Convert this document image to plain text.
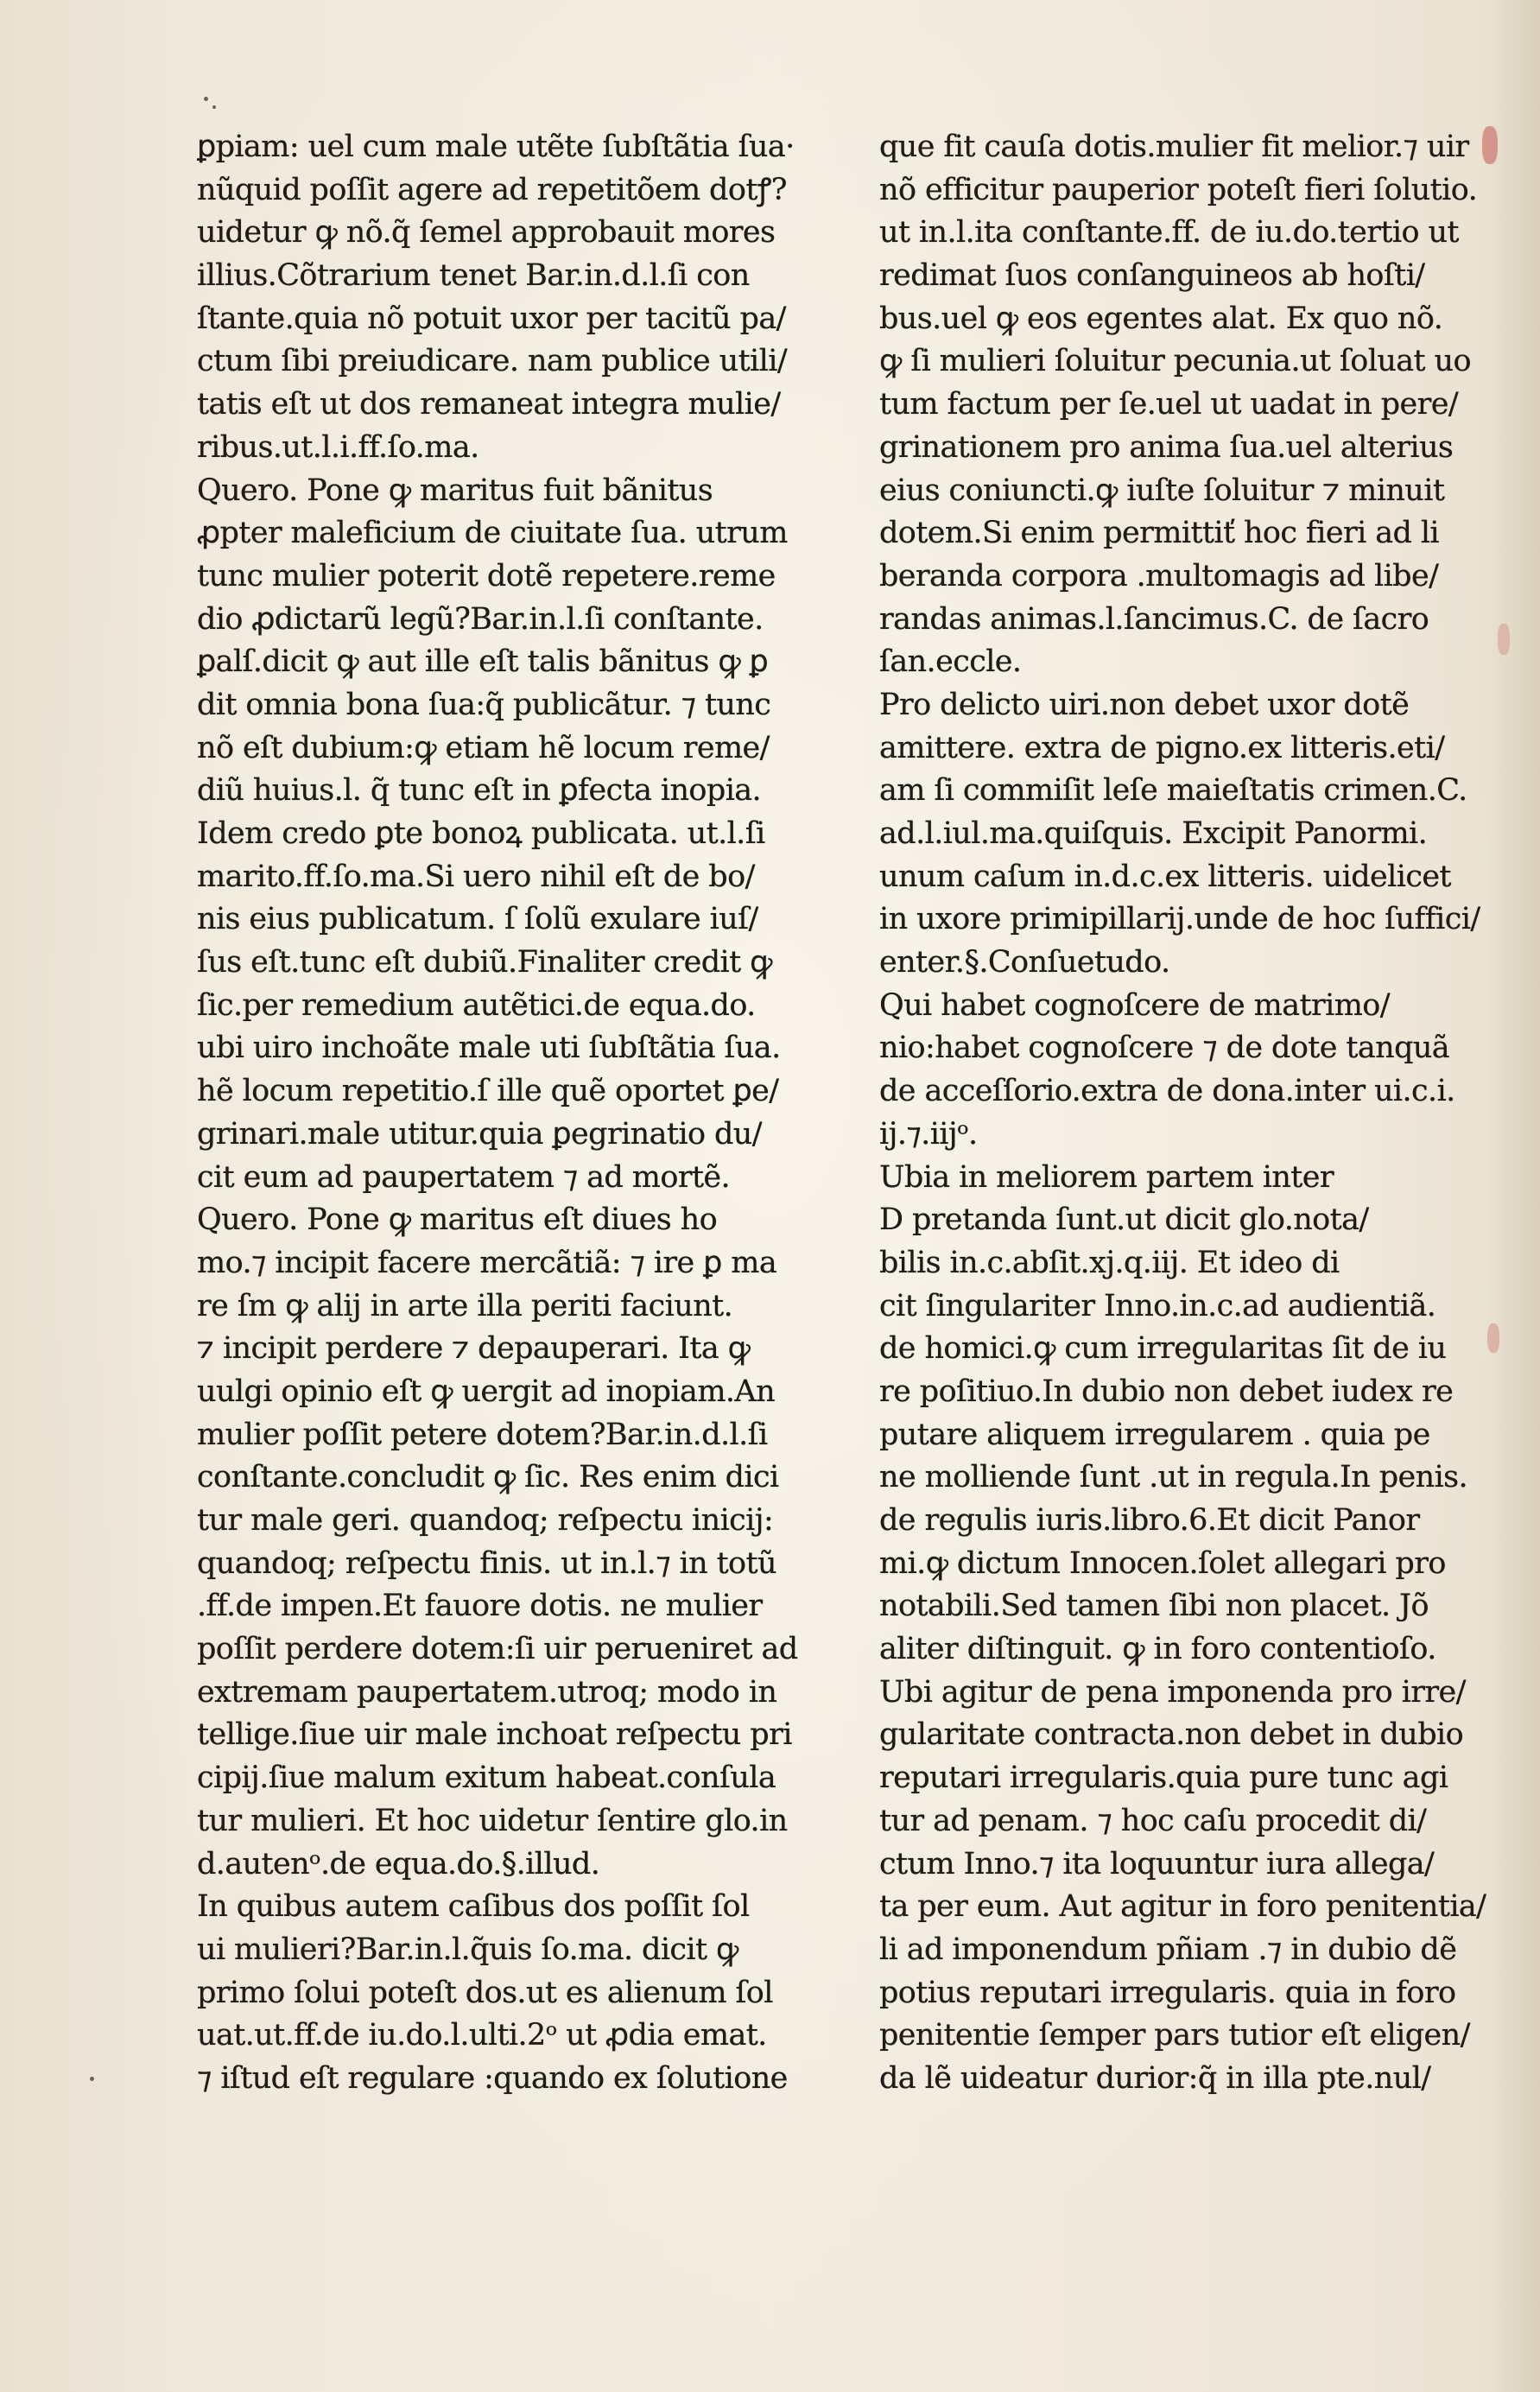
ꝑpiam: uel cum male utẽte ſubſtãtia ſua·
nũquid poſſit agere ad repetitõem dotꝭ?
uidetur ꝙ nõ.q̃ ſemel approbauit mores
illius.Cõtrarium tenet Bar.in.d.l.ſi con
ſtante.quia nõ potuit uxor per tacitũ pa/
ctum ſibi preiudicare. nam publice utili/
tatis eſt ut dos remaneat integra mulie/
ribus.ut.l.i.ff.ſo.ma.
Quero. Pone ꝙ maritus fuit bãnitus
ꝓpter maleficium de ciuitate ſua. utrum
tunc mulier poterit dotẽ repetere.reme
dio ꝓdictarũ legũ?Bar.in.l.ſi conſtante.
ꝑalſ.dicit ꝙ aut ille eſt talis bãnitus ꝙ ꝑ
dit omnia bona ſua:q̃ publicãtur. ⁊ tunc
nõ eſt dubium:ꝙ etiam hẽ locum reme/
diũ huius.l. q̃ tunc eſt in ꝑfecta inopia.
Idem credo ꝑte bonoꝝ publicata. ut.l.ſi
marito.ff.ſo.ma.Si uero nihil eſt de bo/
nis eius publicatum. ſ ſolũ exulare iuſ/
ſus eſt.tunc eſt dubiũ.Finaliter credit ꝙ
ſic.per remedium autẽtici.de equa.do.
ubi uiro inchoãte male uti ſubſtãtia ſua.
hẽ locum repetitio.ſ ille quẽ oportet ꝑe/
grinari.male utitur.quia ꝑegrinatio du/
cit eum ad paupertatem ⁊ ad mortẽ.
Quero. Pone ꝙ maritus eſt diues ho
mo.⁊ incipit facere mercãtiã: ⁊ ire ꝑ ma
re ſm ꝙ alij in arte illa periti faciunt.
⁊ incipit perdere ⁊ depauperari. Ita ꝙ
uulgi opinio eſt ꝙ uergit ad inopiam.An
mulier poſſit petere dotem?Bar.in.d.l.ſi
conſtante.concludit ꝙ ſic. Res enim dici
tur male geri. quandoq; reſpectu inicij:
quandoq; reſpectu finis. ut in.l.⁊ in totũ
.ff.de impen.Et fauore dotis. ne mulier
poſſit perdere dotem:ſi uir perueniret ad
extremam paupertatem.utroq; modo in
tellige.ſiue uir male inchoat reſpectu pri
cipij.ſiue malum exitum habeat.conſula
tur mulieri. Et hoc uidetur ſentire glo.in
d.autenᵒ.de equa.do.§.illud.
In quibus autem caſibus dos poſſit ſol
ui mulieri?Bar.in.l.q̃uis ſo.ma. dicit ꝙ
primo ſolui poteſt dos.ut es alienum ſol
uat.ut.ff.de iu.do.l.ulti.2ᵒ ut ꝓdia emat.
⁊ iſtud eſt regulare :quando ex ſolutione
que fit cauſa dotis.mulier fit melior.⁊ uir
nõ efficitur pauperior poteſt fieri ſolutio.
ut in.l.ita conſtante.ff. de iu.do.tertio ut
redimat ſuos conſanguineos ab hoſti/
bus.uel ꝙ eos egentes alat. Ex quo nõ.
ꝙ ſi mulieri ſoluitur pecunia.ut ſoluat uo
tum factum per ſe.uel ut uadat in pere/
grinationem pro anima ſua.uel alterius
eius coniuncti.ꝙ iuſte ſoluitur ⁊ minuit
dotem.Si enim permittiť hoc fieri ad li
beranda corpora .multomagis ad libe/
randas animas.l.ſancimus.C. de ſacro
ſan.eccle.
Pro delicto uiri.non debet uxor dotẽ
amittere. extra de pigno.ex litteris.eti/
am ſi commiſit leſe maieſtatis crimen.C.
ad.l.iul.ma.quiſquis. Excipit Panormi.
unum caſum in.d.c.ex litteris. uidelicet
in uxore primipillarij.unde de hoc ſuffici/
enter.§.Conſuetudo.
Qui habet cognoſcere de matrimo/
nio:habet cognoſcere ⁊ de dote tanquã
de acceſſorio.extra de dona.inter ui.c.i.
ij.⁊.iijᵒ.
Ubia in meliorem partem inter
D pretanda ſunt.ut dicit glo.nota/
bilis in.c.abſit.xj.q.iij. Et ideo di
cit ſingulariter Inno.in.c.ad audientiã.
de homici.ꝙ cum irregularitas ſit de iu
re poſitiuo.In dubio non debet iudex re
putare aliquem irregularem . quia pe
ne molliende ſunt .ut in regula.In penis.
de regulis iuris.libro.6.Et dicit Panor
mi.ꝙ dictum Innocen.ſolet allegari pro
notabili.Sed tamen ſibi non placet. Jõ
aliter diſtinguit. ꝙ in foro contentioſo.
Ubi agitur de pena imponenda pro irre/
gularitate contracta.non debet in dubio
reputari irregularis.quia pure tunc agi
tur ad penam. ⁊ hoc caſu procedit di/
ctum Inno.⁊ ita loquuntur iura allega/
ta per eum. Aut agitur in foro penitentia/
li ad imponendum pñiam .⁊ in dubio dẽ
potius reputari irregularis. quia in foro
penitentie ſemper pars tutior eſt eligen/
da lẽ uideatur durior:q̃ in illa pte.nul/
